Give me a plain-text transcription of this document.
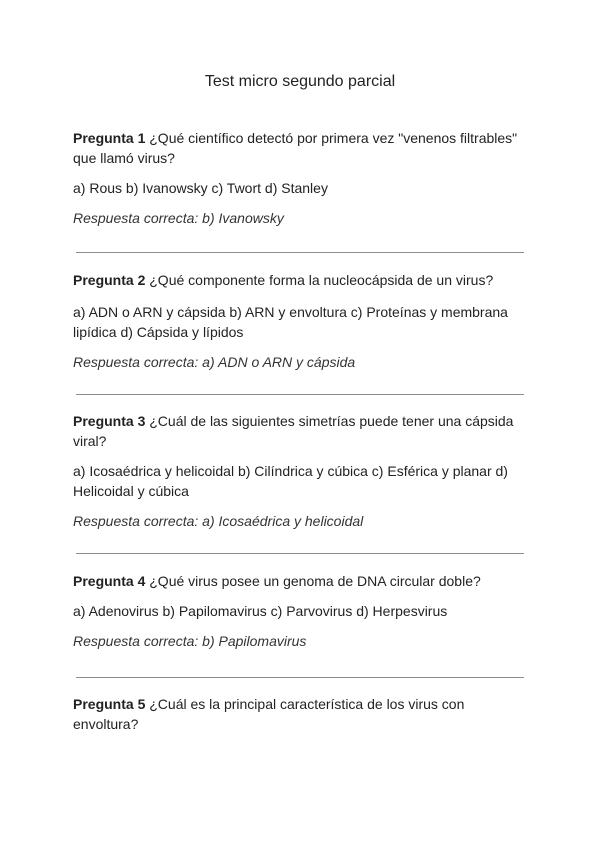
Test micro segundo parcial

Pregunta 1 ¿Qué científico detectó por primera vez "venenos filtrables" que llamó virus?

a) Rous b) Ivanowsky c) Twort d) Stanley

Respuesta correcta: b) Ivanowsky

Pregunta 2 ¿Qué componente forma la nucleocápsida de un virus?

a) ADN o ARN y cápsida b) ARN y envoltura c) Proteínas y membrana lipídica d) Cápsida y lípidos

Respuesta correcta: a) ADN o ARN y cápsida

Pregunta 3 ¿Cuál de las siguientes simetrías puede tener una cápsida viral?

a) Icosaédrica y helicoidal b) Cilíndrica y cúbica c) Esférica y planar d) Helicoidal y cúbica

Respuesta correcta: a) Icosaédrica y helicoidal

Pregunta 4 ¿Qué virus posee un genoma de DNA circular doble?

a) Adenovirus b) Papilomavirus c) Parvovirus d) Herpesvirus

Respuesta correcta: b) Papilomavirus

Pregunta 5 ¿Cuál es la principal característica de los virus con envoltura?
